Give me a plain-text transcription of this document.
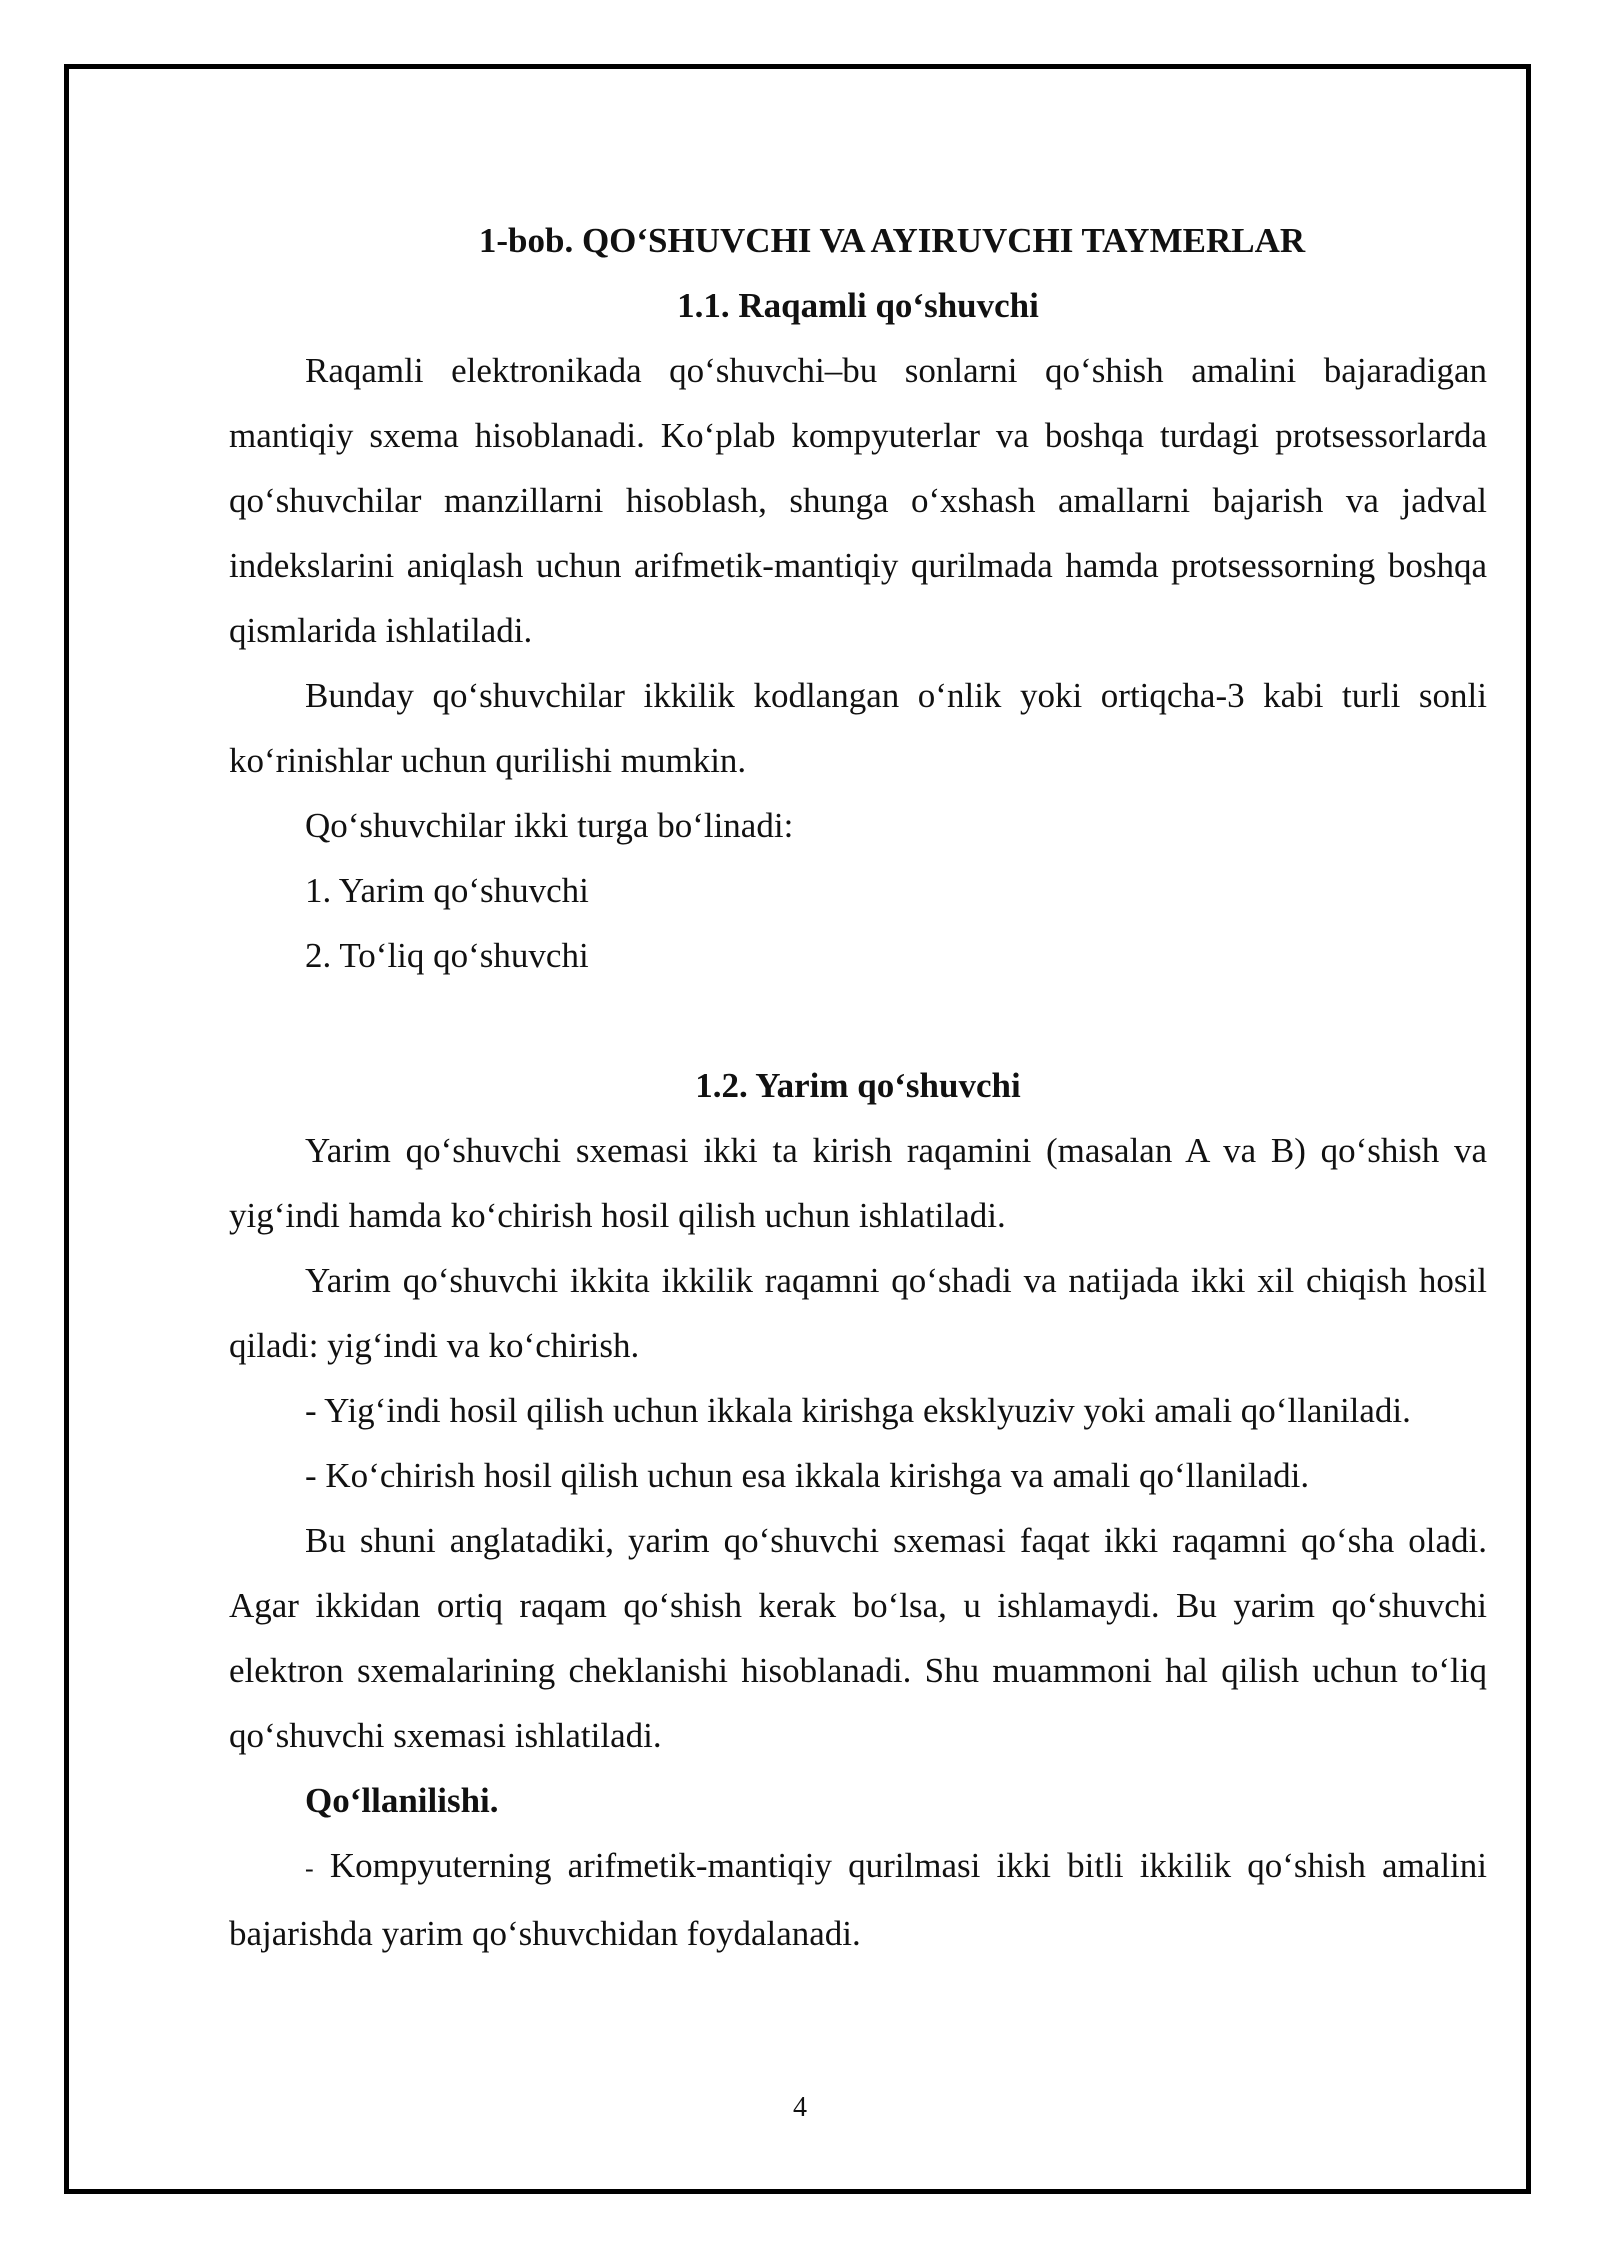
1-bob. QO‘SHUVCHI VA AYIRUVCHI TAYMERLAR

1.1. Raqamli qo‘shuvchi

Raqamli elektronikada qo‘shuvchi–bu sonlarni qo‘shish amalini bajaradigan mantiqiy sxema hisoblanadi. Ko‘plab kompyuterlar va boshqa turdagi protsessorlarda qo‘shuvchilar manzillarni hisoblash, shunga o‘xshash amallarni bajarish va jadval indekslarini aniqlash uchun arifmetik-mantiqiy qurilmada hamda protsessorning boshqa qismlarida ishlatiladi.

Bunday qo‘shuvchilar ikkilik kodlangan o‘nlik yoki ortiqcha-3 kabi turli sonli ko‘rinishlar uchun qurilishi mumkin.

Qo‘shuvchilar ikki turga bo‘linadi:

1. Yarim qo‘shuvchi

2. To‘liq qo‘shuvchi

1.2. Yarim qo‘shuvchi

Yarim qo‘shuvchi sxemasi ikki ta kirish raqamini (masalan A va B) qo‘shish va yig‘indi hamda ko‘chirish hosil qilish uchun ishlatiladi.

Yarim qo‘shuvchi ikkita ikkilik raqamni qo‘shadi va natijada ikki xil chiqish hosil qiladi: yig‘indi va ko‘chirish.

- Yig‘indi hosil qilish uchun ikkala kirishga eksklyuziv yoki amali qo‘llaniladi.

- Ko‘chirish hosil qilish uchun esa ikkala kirishga va amali qo‘llaniladi.

Bu shuni anglatadiki, yarim qo‘shuvchi sxemasi faqat ikki raqamni qo‘sha oladi. Agar ikkidan ortiq raqam qo‘shish kerak bo‘lsa, u ishlamaydi. Bu yarim qo‘shuvchi elektron sxemalarining cheklanishi hisoblanadi. Shu muammoni hal qilish uchun to‘liq qo‘shuvchi sxemasi ishlatiladi.

Qo‘llanilishi.

- Kompyuterning arifmetik-mantiqiy qurilmasi ikki bitli ikkilik qo‘shish amalini bajarishda yarim qo‘shuvchidan foydalanadi.

4
